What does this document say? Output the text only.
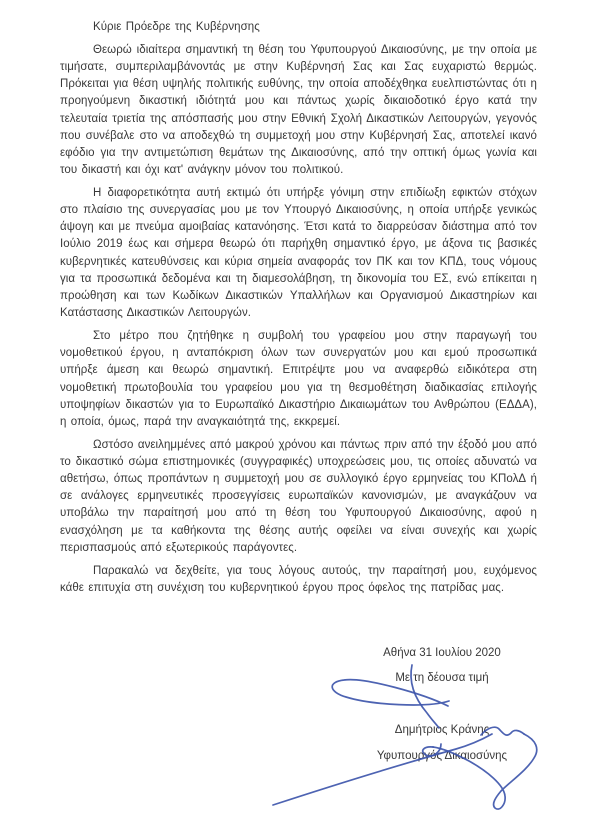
Κύριε Πρόεδρε της Κυβέρνησης

Θεωρώ ιδιαίτερα σημαντική τη θέση του Υφυπουργού Δικαιοσύνης, με την οποία με τιμήσατε, συμπεριλαμβάνοντάς με στην Κυβέρνησή Σας και Σας ευχαριστώ θερμώς. Πρόκειται για θέση υψηλής πολιτικής ευθύνης, την οποία αποδέχθηκα ευελπιστώντας ότι η προηγούμενη δικαστική ιδιότητά μου και πάντως χωρίς δικαιοδοτικό έργο κατά την τελευταία τριετία της απόσπασής μου στην Εθνική Σχολή Δικαστικών Λειτουργών, γεγονός που συνέβαλε στο να αποδεχθώ τη συμμετοχή μου στην Κυβέρνησή Σας, αποτελεί ικανό εφόδιο για την αντιμετώπιση θεμάτων της Δικαιοσύνης, από την οπτική όμως γωνία και του δικαστή και όχι κατ' ανάγκην μόνον του πολιτικού.

Η διαφορετικότητα αυτή εκτιμώ ότι υπήρξε γόνιμη στην επιδίωξη εφικτών στόχων στο πλαίσιο της συνεργασίας μου με τον Υπουργό Δικαιοσύνης, η οποία υπήρξε γενικώς άψογη και με πνεύμα αμοιβαίας κατανόησης. Έτσι κατά το διαρρεύσαν διάστημα από τον Ιούλιο 2019 έως και σήμερα θεωρώ ότι παρήχθη σημαντικό έργο, με άξονα τις βασικές κυβερνητικές κατευθύνσεις και κύρια σημεία αναφοράς τον ΠΚ και τον ΚΠΔ, τους νόμους για τα προσωπικά δεδομένα και τη διαμεσολάβηση, τη δικονομία του ΕΣ, ενώ επίκειται η προώθηση και των Κωδίκων Δικαστικών Υπαλλήλων και Οργανισμού Δικαστηρίων και Κατάστασης Δικαστικών Λειτουργών.

Στο μέτρο που ζητήθηκε η συμβολή του γραφείου μου στην παραγωγή του νομοθετικού έργου, η ανταπόκριση όλων των συνεργατών μου και εμού προσωπικά υπήρξε άμεση και θεωρώ σημαντική. Επιτρέψτε μου να αναφερθώ ειδικότερα στη νομοθετική πρωτοβουλία του γραφείου μου για τη θεσμοθέτηση διαδικασίας επιλογής υποψηφίων δικαστών για το Ευρωπαϊκό Δικαστήριο Δικαιωμάτων του Ανθρώπου (ΕΔΔΑ), η οποία, όμως, παρά την αναγκαιότητά της, εκκρεμεί.

Ωστόσο ανειλημμένες από μακρού χρόνου και πάντως πριν από την έξοδό μου από το δικαστικό σώμα επιστημονικές (συγγραφικές) υποχρεώσεις μου, τις οποίες αδυνατώ να αθετήσω, όπως προπάντων η συμμετοχή μου σε συλλογικό έργο ερμηνείας του ΚΠολΔ ή σε ανάλογες ερμηνευτικές προσεγγίσεις ευρωπαϊκών κανονισμών, με αναγκάζουν να υποβάλω την παραίτησή μου από τη θέση του Υφυπουργού Δικαιοσύνης, αφού η ενασχόληση με τα καθήκοντα της θέσης αυτής οφείλει να είναι συνεχής και χωρίς περισπασμούς από εξωτερικούς παράγοντες.

Παρακαλώ να δεχθείτε, για τους λόγους αυτούς, την παραίτησή μου, ευχόμενος κάθε επιτυχία στη συνέχιση του κυβερνητικού έργου προς όφελος της πατρίδας μας.

Αθήνα 31 Ιουλίου 2020
Με τη δέουσα τιμή
Δημήτριος Κράνης
Υφυπουργός Δικαιοσύνης
